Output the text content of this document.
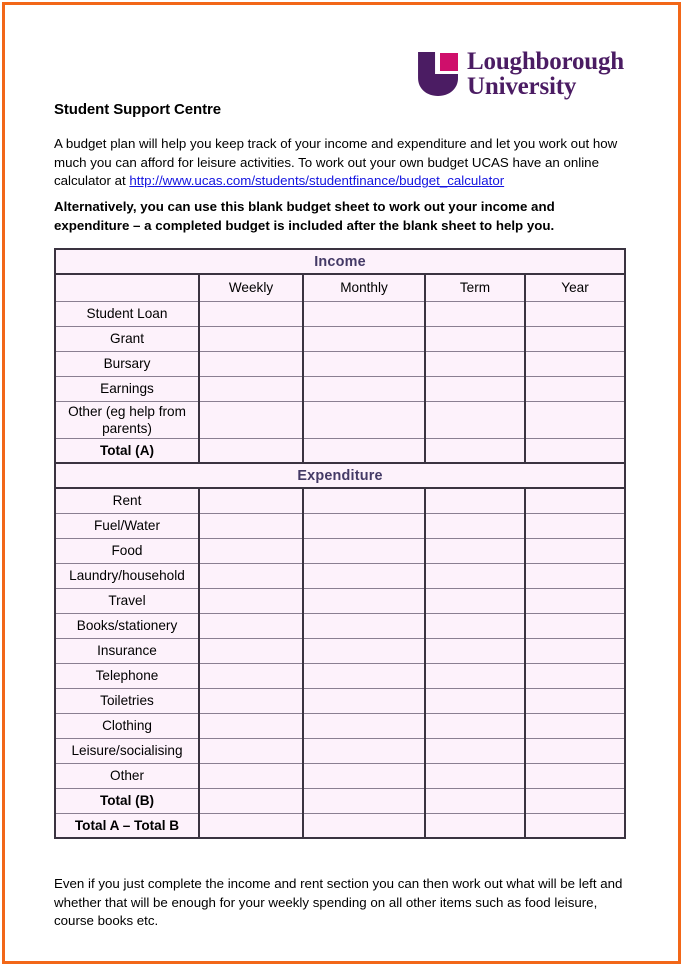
Loughborough
University
Student Support Centre
A budget plan will help you keep track of your income and expenditure and let you work out how much you can afford for leisure activities. To work out your own budget UCAS have an online calculator at http://www.ucas.com/students/studentfinance/budget_calculator
Alternatively, you can use this blank budget sheet to work out your income and expenditure – a completed budget is included after the blank sheet to help you.
Income				
	Weekly	Monthly	Term	Year
Student Loan				
Grant				
Bursary				
Earnings				
Other (eg help from parents)				
Total (A)				
Expenditure				
Rent				
Fuel/Water				
Food				
Laundry/household				
Travel				
Books/stationery				
Insurance				
Telephone				
Toiletries				
Clothing				
Leisure/socialising				
Other				
Total (B)				
Total A – Total B				
Even if you just complete the income and rent section you can then work out what will be left and whether that will be enough for your weekly spending on all other items such as food leisure, course books etc.
